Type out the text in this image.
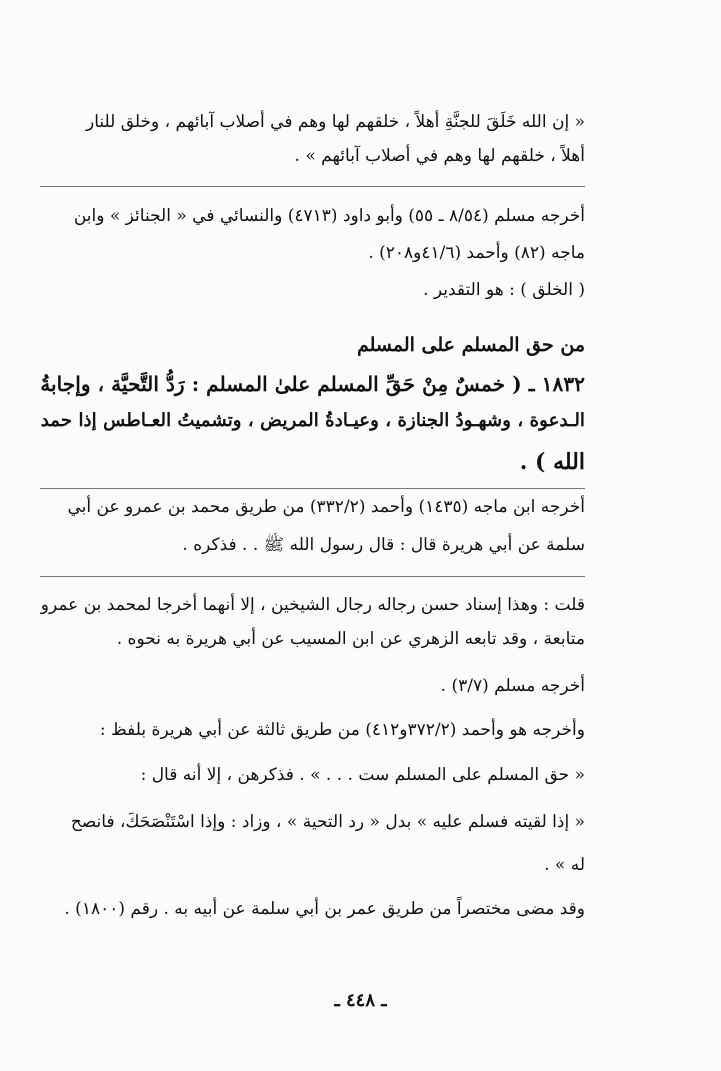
« إن الله خَلَقَ للجنَّةِ أهلاً ، خلقهم لها وهم في أصلاب آبائهم ، وخلق للنار
أهلاً ، خلقهم لها وهم في أصلاب آبائهم » .
أخرجه مسلم (٨/٥٤ ـ ٥٥) وأبو داود (٤٧١٣) والنسائي في « الجنائز » وابن
ماجه (٨٢) وأحمد (٤١/٦و٢٠٨) .
( الخلق ) : هو التقدير .
من حق المسلم على المسلم
١٨٣٢ ـ ( خمسٌ مِنْ حَقِّ المسلم علىٰ المسلم : رَدُّ التَّحيَّة ، وإجابةُ
الـدعوة ، وشهـودُ الجنازة ، وعيـادةُ المريض ، وتشميتُ العـاطس إذا حمد
الله ) .
أخرجه ابن ماجه (١٤٣٥) وأحمد (٣٣٢/٢) من طريق محمد بن عمرو عن أبي
سلمة عن أبي هريرة قال : قال رسول الله ﷺ . . فذكره .
قلت : وهذا إسناد حسن رجاله رجال الشيخين ، إلا أنهما أخرجا لمحمد بن عمرو
متابعة ، وقد تابعه الزهري عن ابن المسيب عن أبي هريرة به نحوه .
أخرجه مسلم (٣/٧) .
وأخرجه هو وأحمد (٣٧٢/٢و٤١٢) من طريق ثالثة عن أبي هريرة بلفظ :
« حق المسلم على المسلم ست . . . » . فذكرهن ، إلا أنه قال :
« إذا لقيته فسلم عليه » بدل « رد التحية » ، وزاد : وإذا اسْتَنْصَحَكَ، فانصح
له » .
وقد مضى مختصراً من طريق عمر بن أبي سلمة عن أبيه به . رقم (١٨٠٠) .
ـ ٤٤٨ ـ
